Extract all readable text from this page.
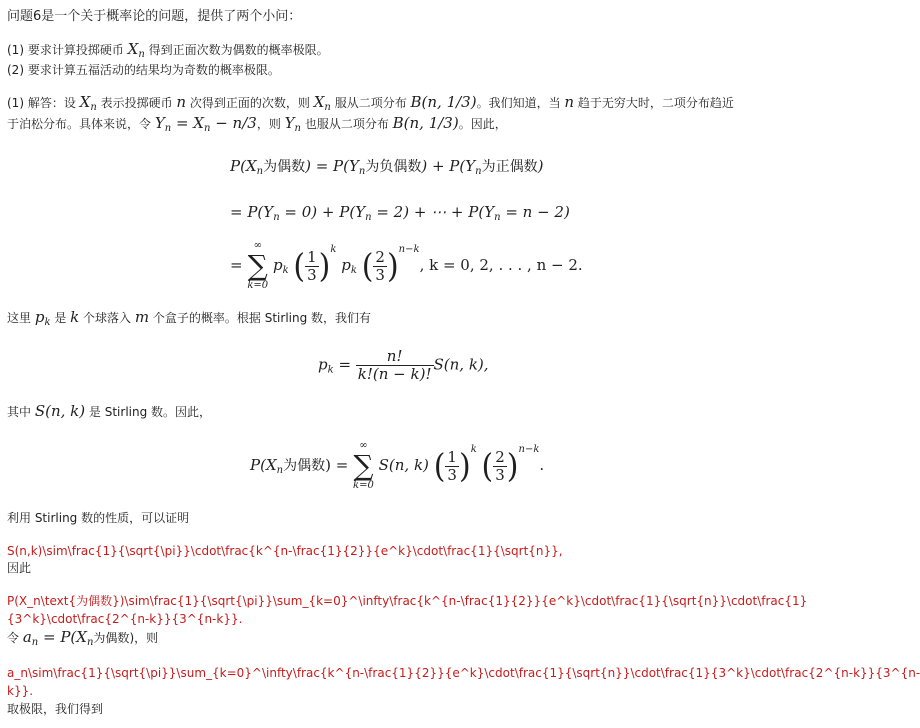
问题6是一个关于概率论的问题，提供了两个小问：
(1) 要求计算投掷硬币 $X_n$ 得到正面次数为偶数的概率极限。
(2) 要求计算五福活动的结果均为奇数的概率极限。
(1) 解答：设 $X_n$ 表示投掷硬币 n 次得到正面的次数，则 $X_n$ 服从二项分布 B(n, 1/3)。我们知道，当 n 趋于无穷大时，二项分布趋近
于泊松分布。具体来说，令 $Y_n = X_n - n/3$，则 $Y_n$ 也服从二项分布 B(n, 1/3)。因此，
$P(X_n$为偶数) = $P(Y_n$为负偶数) + $P(Y_n$为正偶数)
= $P(Y_n = 0) + P(Y_n = 2)$ + ⋯ + $P(Y_n = n - 2)$
=
∞
∑
k=0
$p_k$ ( $\frac{1}{3} )^k$ $p_k$ ( $\frac{2}{3} )^{n-k}$, k = 0, 2, . . . , n − 2.
这里 $p_k$ 是 k 个球落入 m 个盒子的概率。根据 Stirling 数，我们有
$p_k = \frac{n!}{k!(n - k)!} S(n$, k),
其中 S(n, k) 是 Stirling 数。因此，
$P(X_n$为偶数) =
∞
∑
k=0
S(n, k) ( $\frac{1}{3} )^k$ ( $\frac{2}{3} )^{n-k}$.
利用 Stirling 数的性质，可以证明
S(n,k)\sim\frac{1}{\sqrt{\pi}}\cdot\frac{k^{n-\frac{1}{2}}{e^k}\cdot\frac{1}{\sqrt{n}},
因此
P(X_n\text{为偶数})\sim\frac{1}{\sqrt{\pi}}\sum_{k=0}^\infty\frac{k^{n-\frac{1}{2}}{e^k}\cdot\frac{1}{\sqrt{n}}\cdot\frac{1}
{3^k}\cdot\frac{2^{n-k}}{3^{n-k}}.
令 $a_n = P(X_n$为偶数)，则
a_n\sim\frac{1}{\sqrt{\pi}}\sum_{k=0}^\infty\frac{k^{n-\frac{1}{2}}{e^k}\cdot\frac{1}{\sqrt{n}}\cdot\frac{1}{3^k}\cdot\frac{2^{n-k}}{3^{n-
k}}.
取极限，我们得到
